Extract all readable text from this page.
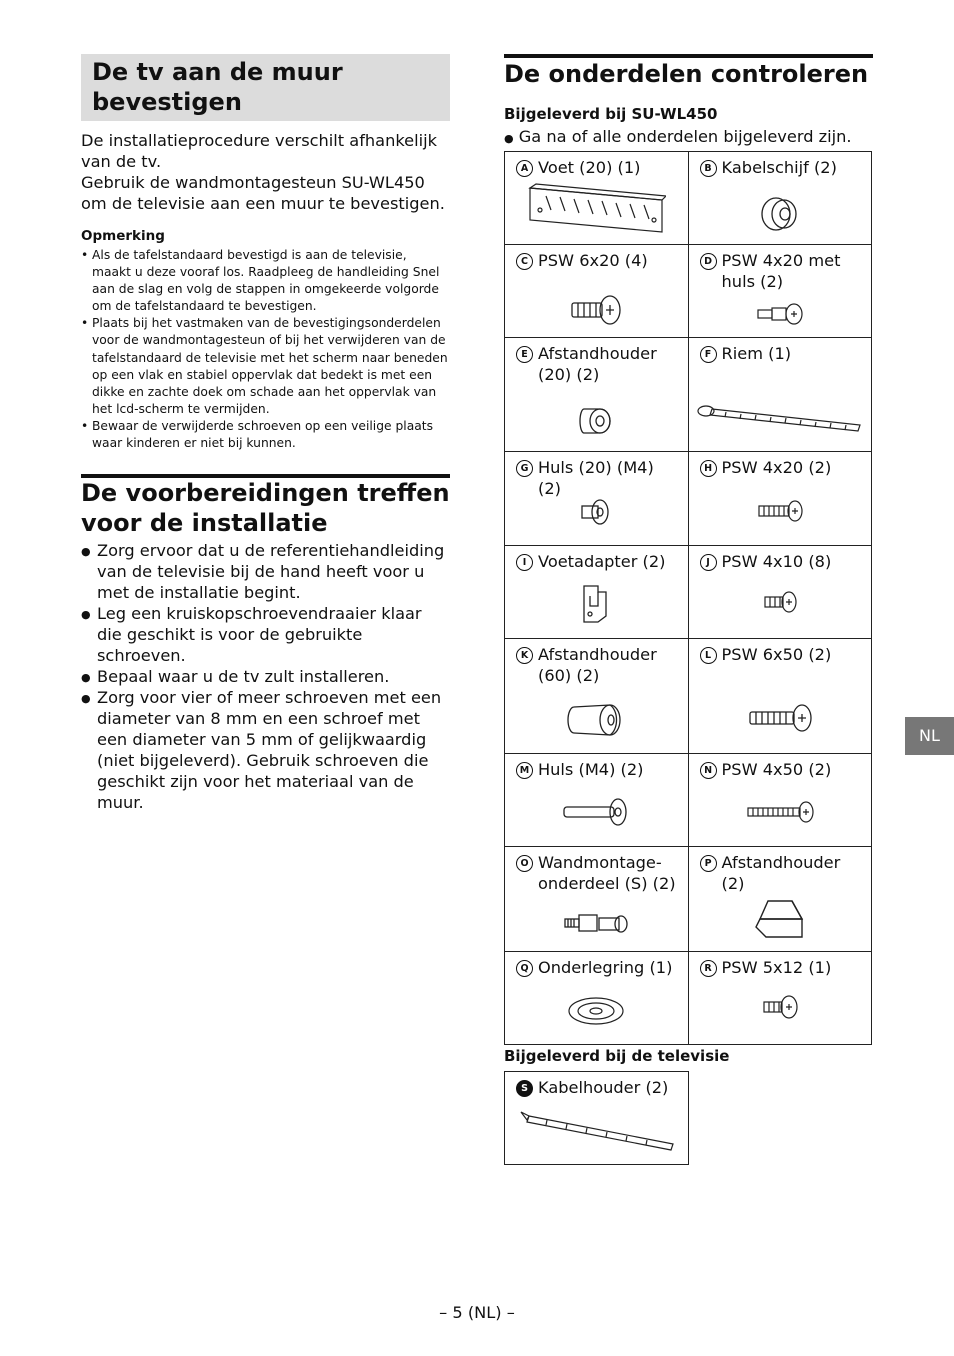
De tv aan de muur bevestigen
De installatieprocedure verschilt afhankelijk
van de tv.
Gebruik de wandmontagesteun SU-WL450
om de televisie aan een muur te bevestigen.
Opmerking
• Als de tafelstandaard bevestigd is aan de televisie, maakt u deze vooraf los. Raadpleeg de handleiding Snel aan de slag en volg de stappen in omgekeerde volgorde om de tafelstandaard te bevestigen.
• Plaats bij het vastmaken van de bevestigingsonderdelen voor de wandmontagesteun of bij het verwijderen van de tafelstandaard de televisie met het scherm naar beneden op een vlak en stabiel oppervlak dat bedekt is met een dikke en zachte doek om schade aan het oppervlak van het lcd-scherm te vermijden.
• Bewaar de verwijderde schroeven op een veilige plaats waar kinderen er niet bij kunnen.
De voorbereidingen treffen voor de installatie
● Zorg ervoor dat u de referentiehandleiding van de televisie bij de hand heeft voor u met de installatie begint.
● Leg een kruiskopschroevendraaier klaar die geschikt is voor de gebruikte schroeven.
● Bepaal waar u de tv zult installeren.
● Zorg voor vier of meer schroeven met een diameter van 8 mm en een schroef met een diameter van 5 mm of gelijkwaardig (niet bijgeleverd). Gebruik schroeven die geschikt zijn voor het materiaal van de muur.
De onderdelen controleren
Bijgeleverd bij SU-WL450
● Ga na of alle onderdelen bijgeleverd zijn.
A Voet (20) (1)	B Kabelschijf (2)

C PSW 6x20 (4)	D PSW 4x20 met huls (2)

E Afstandhouder (20) (2)	F Riem (1)

G Huls (20) (M4) (2)	H PSW 4x20 (2)

I Voetadapter (2)	J PSW 4x10 (8)

K Afstandhouder (60) (2)	L PSW 6x50 (2)

M Huls (M4) (2)	N PSW 4x50 (2)

O Wandmontage-onderdeel (S) (2)	P Afstandhouder (2)

Q Onderlegring (1)	R PSW 5x12 (1)
Bijgeleverd bij de televisie
S Kabelhouder (2)
NL
– 5 (NL) –
